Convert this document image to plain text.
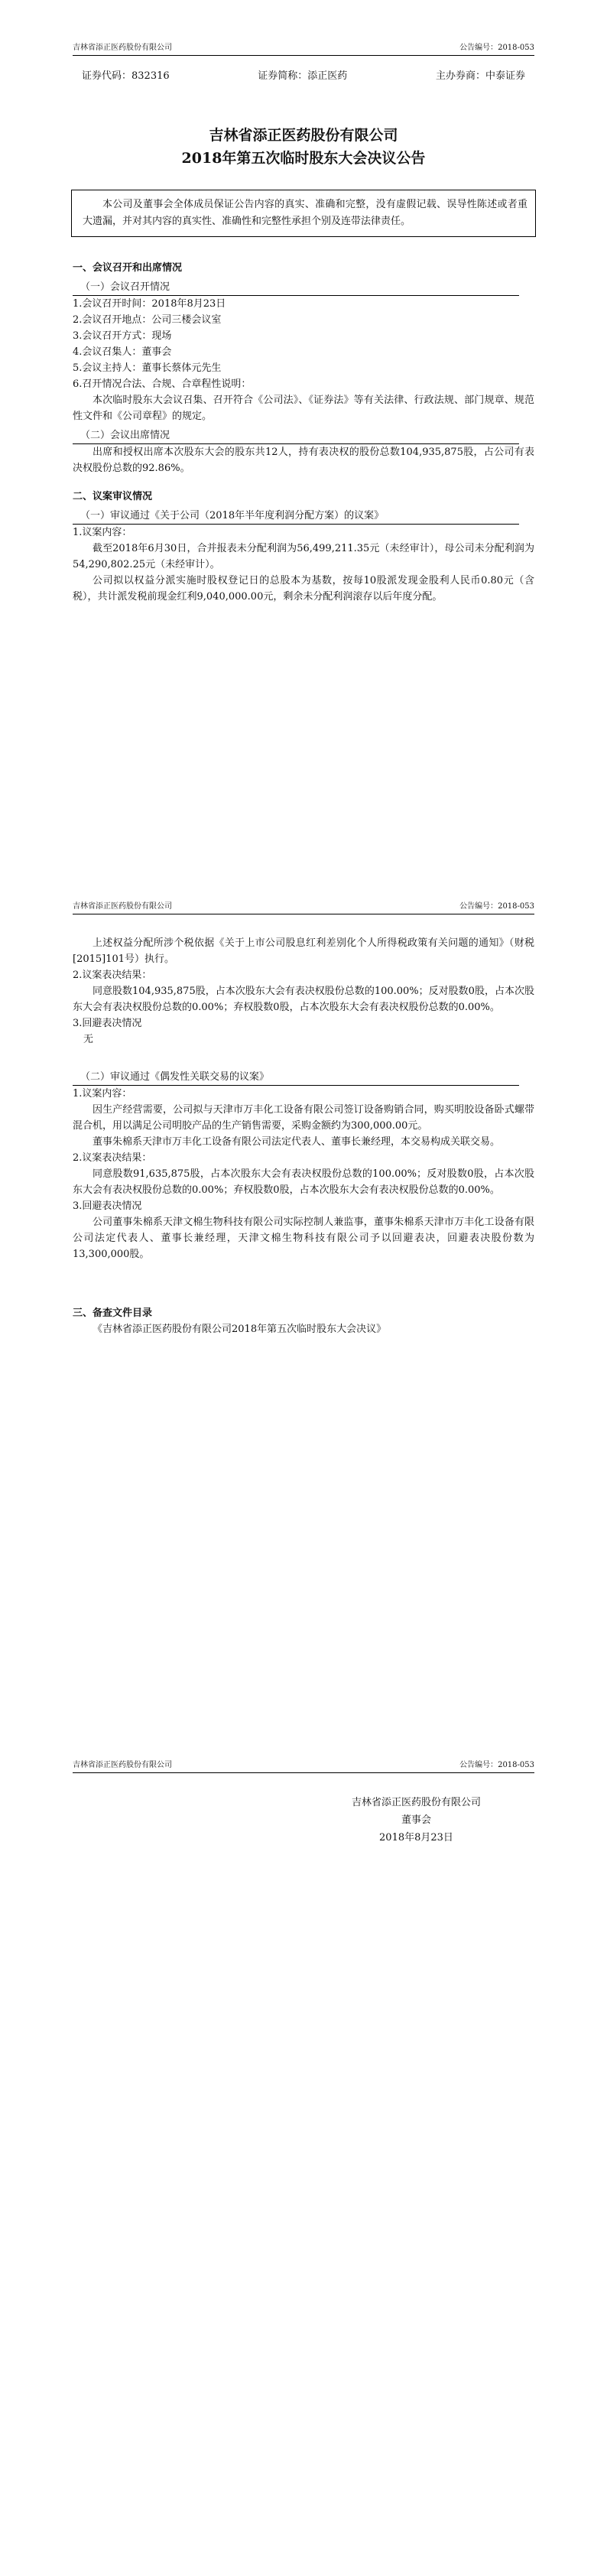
吉林省添正医药股份有限公司	公告编号：2018-053
证券代码：832316	证券简称：添正医药	主办券商：中泰证券

吉林省添正医药股份有限公司

2018年第五次临时股东大会决议公告

本公司及董事会全体成员保证公告内容的真实、准确和完整，没有虚假记载、误导性陈述或者重大遗漏，并对其内容的真实性、准确性和完整性承担个别及连带法律责任。
一、会议召开和出席情况
（一）会议召开情况

1.会议召开时间：2018年8月23日

2.会议召开地点：公司三楼会议室

3.会议召开方式：现场

4.会议召集人：董事会

5.会议主持人：董事长蔡体元先生

6.召开情况合法、合规、合章程性说明：

本次临时股东大会议召集、召开符合《公司法》、《证券法》等有关法律、行政法规、部门规章、规范性文件和《公司章程》的规定。

（二）会议出席情况

出席和授权出席本次股东大会的股东共12人，持有表决权的股份总数104,935,875股，占公司有表决权股份总数的92.86%。

二、议案审议情况
（一）审议通过《关于公司（2018年半年度利润分配方案）的议案》

1.议案内容：

截至2018年6月30日，合并报表未分配利润为56,499,211.35元（未经审计），母公司未分配利润为54,290,802.25元（未经审计）。

公司拟以权益分派实施时股权登记日的总股本为基数，按每10股派发现金股利人民币0.80元（含税），共计派发税前现金红利9,040,000.00元，剩余未分配利润滚存以后年度分配。

吉林省添正医药股份有限公司	公告编号：2018-053

上述权益分配所涉个税依据《关于上市公司股息红利差别化个人所得税政策有关问题的通知》（财税[2015]101号）执行。

2.议案表决结果：

同意股数104,935,875股，占本次股东大会有表决权股份总数的100.00%；反对股数0股，占本次股东大会有表决权股份总数的0.00%；弃权股数0股，占本次股东大会有表决权股份总数的0.00%。

3.回避表决情况

无

（二）审议通过《偶发性关联交易的议案》

1.议案内容：

因生产经营需要，公司拟与天津市万丰化工设备有限公司签订设备购销合同，购买明胶设备卧式螺带混合机，用以满足公司明胶产品的生产销售需要，采购金额约为300,000.00元。

董事朱棉系天津市万丰化工设备有限公司法定代表人、董事长兼经理，本交易构成关联交易。

2.议案表决结果：

同意股数91,635,875股，占本次股东大会有表决权股份总数的100.00%；反对股数0股，占本次股东大会有表决权股份总数的0.00%；弃权股数0股，占本次股东大会有表决权股份总数的0.00%。

3.回避表决情况

公司董事朱棉系天津文棉生物科技有限公司实际控制人兼监事，董事朱棉系天津市万丰化工设备有限公司法定代表人、董事长兼经理，天津文棉生物科技有限公司予以回避表决，回避表决股份数为13,300,000股。

三、备查文件目录

《吉林省添正医药股份有限公司2018年第五次临时股东大会决议》

吉林省添正医药股份有限公司	公告编号：2018-053
吉林省添正医药股份有限公司
董事会
2018年8月23日
